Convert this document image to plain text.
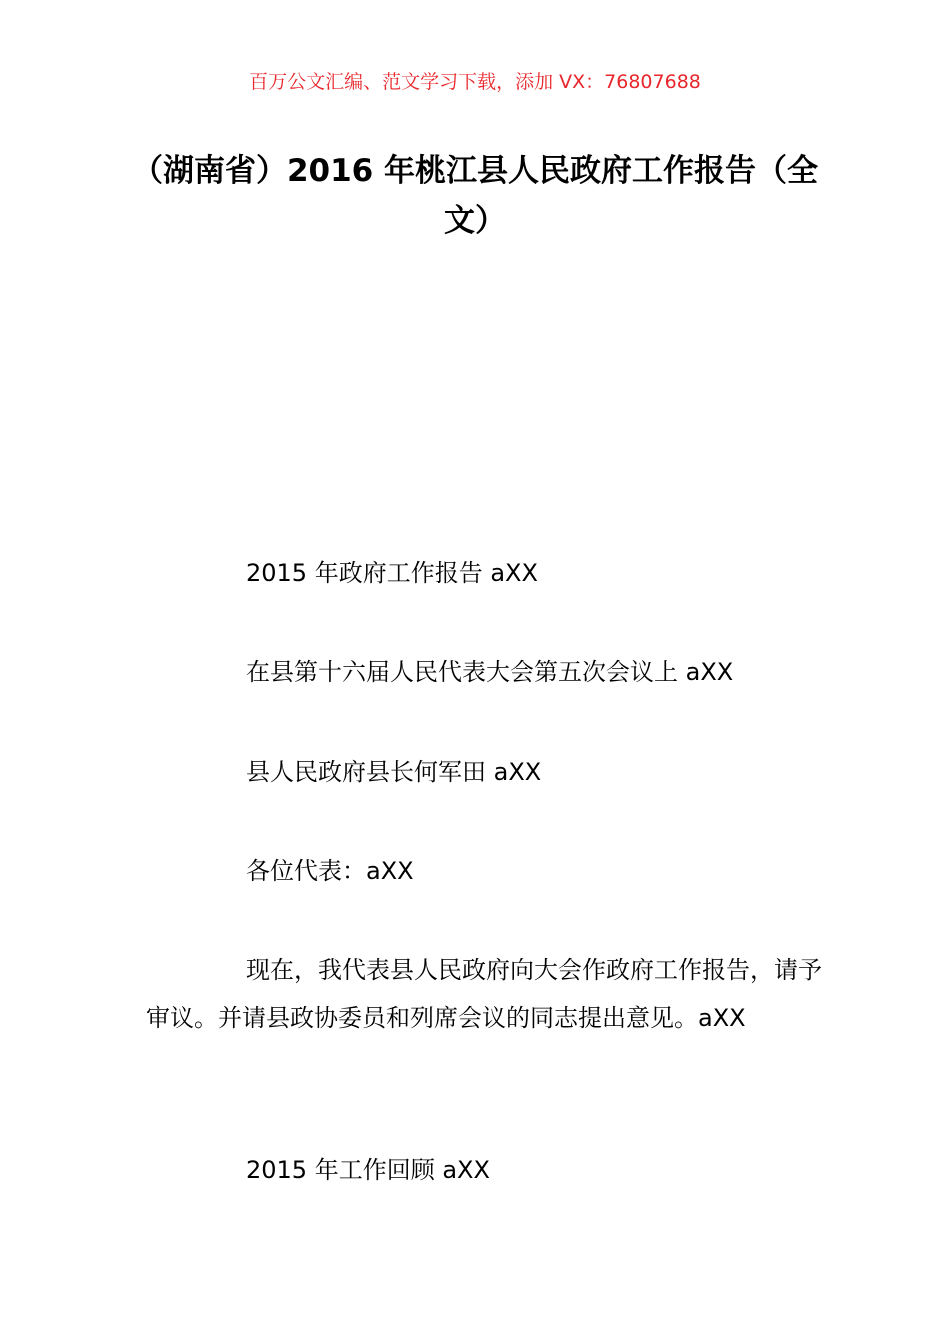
百万公文汇编、范文学习下载，添加 VX：76807688
（湖南省）2016 年桃江县人民政府工作报告（全文）
2015 年政府工作报告 aXX
在县第十六届人民代表大会第五次会议上 aXX
县人民政府县长何军田 aXX
各位代表：aXX
现在，我代表县人民政府向大会作政府工作报告，请予审议。并请县政协委员和列席会议的同志提出意见。aXX
2015 年工作回顾 aXX
